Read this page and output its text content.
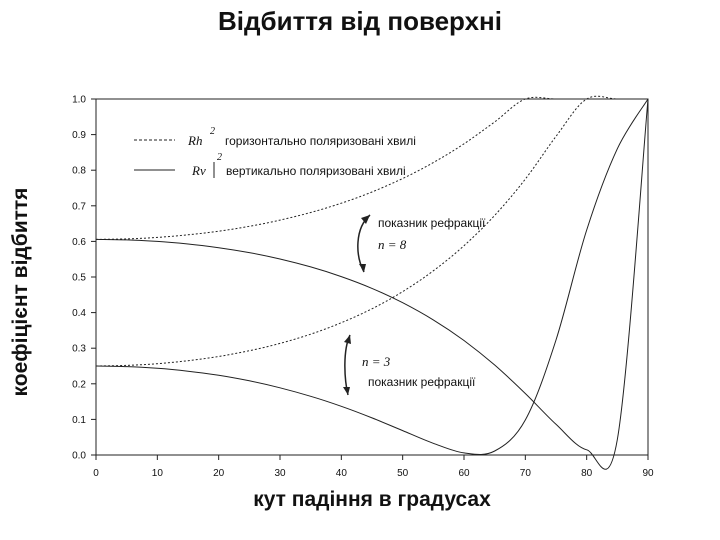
Відбиття від поверхні
0.0
0.1
0.2
0.3
0.4
0.5
0.6
0.7
0.8
0.9
1.0
0	10	20	30	40	50	60	70	80	90
Rh
2
горизонтально поляризовані хвилі
Rv
2
вертикально поляризовані хвилі
показник рефракції
n = 8
n = 3
показник рефракції
коефіцієнт відбиття
кут падіння в градусах
